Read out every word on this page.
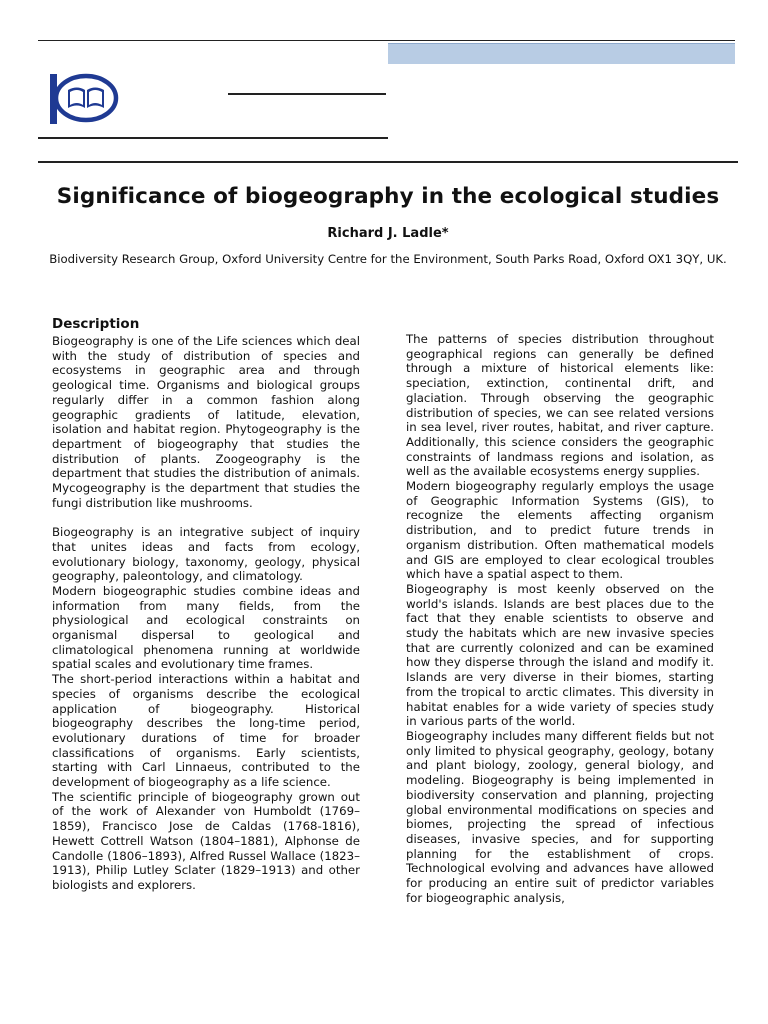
Significance of biogeography in the ecological studies

Richard J. Ladle*

Biodiversity Research Group, Oxford University Centre for the Environment, South Parks Road, Oxford OX1 3QY, UK.

Description

Biogeography is one of the Life sciences which deal with the study of distribution of species and ecosystems in geographic area and through geological time. Organisms and biological groups regularly differ in a common fashion along geographic gradients of latitude, elevation, isolation and habitat region. Phytogeography is the department of biogeography that studies the distribution of plants. Zoogeography is the department that studies the distribution of animals. Mycogeography is the department that studies the fungi distribution like mushrooms.

Biogeography is an integrative subject of inquiry that unites ideas and facts from ecology, evolutionary biology, taxonomy, geology, physical geography, paleontology, and climatology.

Modern biogeographic studies combine ideas and information from many fields, from the physiological and ecological constraints on organismal dispersal to geological and climatological phenomena running at worldwide spatial scales and evolutionary time frames.

The short-period interactions within a habitat and species of organisms describe the ecological application of biogeography. Historical biogeography describes the long-time period, evolutionary durations of time for broader classifications of organisms. Early scientists, starting with Carl Linnaeus, contributed to the development of biogeography as a life science.

The scientific principle of biogeography grown out of the work of Alexander von Humboldt (1769–1859), Francisco Jose de Caldas (1768-1816), Hewett Cottrell Watson (1804–1881), Alphonse de Candolle (1806–1893), Alfred Russel Wallace (1823–1913), Philip Lutley Sclater (1829–1913) and other biologists and explorers.

The patterns of species distribution throughout geographical regions can generally be defined through a mixture of historical elements like: speciation, extinction, continental drift, and glaciation. Through observing the geographic distribution of species, we can see related versions in sea level, river routes, habitat, and river capture. Additionally, this science considers the geographic constraints of landmass regions and isolation, as well as the available ecosystems energy supplies.

Modern biogeography regularly employs the usage of Geographic Information Systems (GIS), to recognize the elements affecting organism distribution, and to predict future trends in organism distribution. Often mathematical models and GIS are employed to clear ecological troubles which have a spatial aspect to them.

Biogeography is most keenly observed on the world's islands. Islands are best places due to the fact that they enable scientists to observe and study the habitats which are new invasive species that are currently colonized and can be examined how they disperse through the island and modify it. Islands are very diverse in their biomes, starting from the tropical to arctic climates. This diversity in habitat enables for a wide variety of species study in various parts of the world.

Biogeography includes many different fields but not only limited to physical geography, geology, botany and plant biology, zoology, general biology, and modeling. Biogeography is being implemented in biodiversity conservation and planning, projecting global environmental modifications on species and biomes, projecting the spread of infectious diseases, invasive species, and for supporting planning for the establishment of crops. Technological evolving and advances have allowed for producing an entire suit of predictor variables for biogeographic analysis,
